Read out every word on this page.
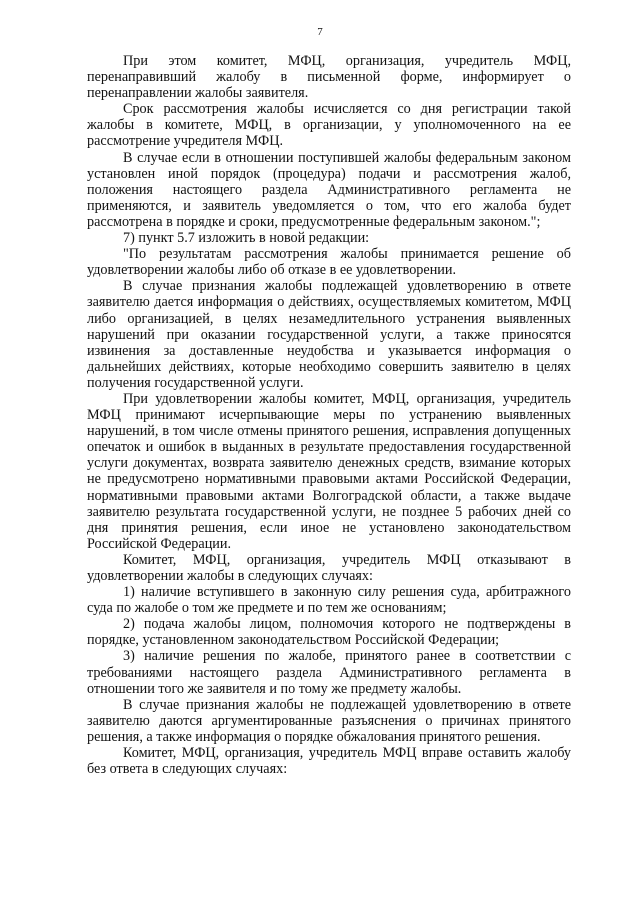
7

При этом комитет, МФЦ, организация, учредитель МФЦ, перенаправивший жалобу в письменной форме, информирует о перенаправлении жалобы заявителя.

Срок рассмотрения жалобы исчисляется со дня регистрации такой жалобы в комитете, МФЦ, в организации, у уполномоченного на ее рассмотрение учредителя МФЦ.

В случае если в отношении поступившей жалобы федеральным законом установлен иной порядок (процедура) подачи и рассмотрения жалоб, положения настоящего раздела Административного регламента не применяются, и заявитель уведомляется о том, что его жалоба будет рассмотрена в порядке и сроки, предусмотренные федеральным законом.";

7) пункт 5.7 изложить в новой редакции:

"По результатам рассмотрения жалобы принимается решение об удовлетворении жалобы либо об отказе в ее удовлетворении.

В случае признания жалобы подлежащей удовлетворению в ответе заявителю дается информация о действиях, осуществляемых комитетом, МФЦ либо организацией, в целях незамедлительного устранения выявленных нарушений при оказании государственной услуги, а также приносятся извинения за доставленные неудобства и указывается информация о дальнейших действиях, которые необходимо совершить заявителю в целях получения государственной услуги.

При удовлетворении жалобы комитет, МФЦ, организация, учредитель МФЦ принимают исчерпывающие меры по устранению выявленных нарушений, в том числе отмены принятого решения, исправления допущенных опечаток и ошибок в выданных в результате предоставления государственной услуги документах, возврата заявителю денежных средств, взимание которых не предусмотрено нормативными правовыми актами Российской Федерации, нормативными правовыми актами Волгоградской области, а также выдаче заявителю результата государственной услуги, не позднее 5 рабочих дней со дня принятия решения, если иное не установлено законодательством Российской Федерации.

Комитет, МФЦ, организация, учредитель МФЦ отказывают в удовлетворении жалобы в следующих случаях:

1) наличие вступившего в законную силу решения суда, арбитражного суда по жалобе о том же предмете и по тем же основаниям;

2) подача жалобы лицом, полномочия которого не подтверждены в порядке, установленном законодательством Российской Федерации;

3) наличие решения по жалобе, принятого ранее в соответствии с требованиями настоящего раздела Административного регламента в отношении того же заявителя и по тому же предмету жалобы.

В случае признания жалобы не подлежащей удовлетворению в ответе заявителю даются аргументированные разъяснения о причинах принятого решения, а также информация о порядке обжалования принятого решения.

Комитет, МФЦ, организация, учредитель МФЦ вправе оставить жалобу без ответа в следующих случаях:
